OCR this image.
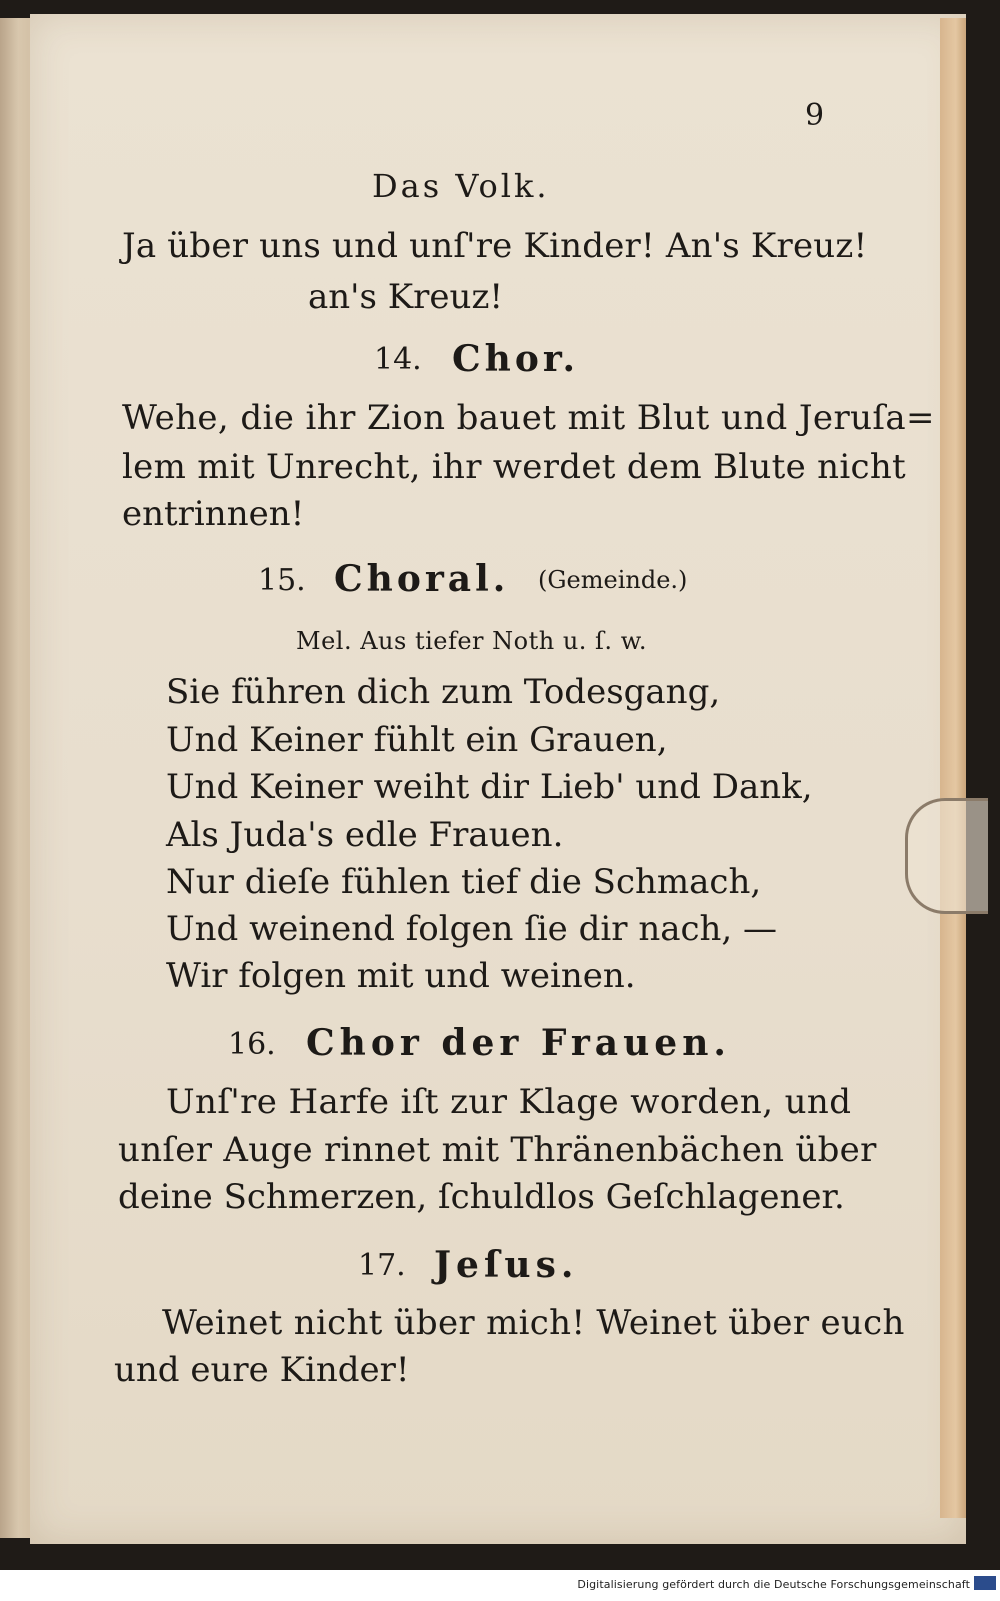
9
Das Volk.
Ja über uns und unſ're Kinder! An's Kreuz!
an's Kreuz!
14. Chor.
Wehe, die ihr Zion bauet mit Blut und Jeruſa=
lem mit Unrecht, ihr werdet dem Blute nicht
entrinnen!
15. Choral. (Gemeinde.)
Mel. Aus tiefer Noth u. ſ. w.
Sie führen dich zum Todesgang,
Und Keiner fühlt ein Grauen,
Und Keiner weiht dir Lieb' und Dank,
Als Juda's edle Frauen.
Nur dieſe fühlen tief die Schmach,
Und weinend folgen ſie dir nach, —
Wir folgen mit und weinen.
16. Chor der Frauen.
Unſ're Harfe iſt zur Klage worden, und
unſer Auge rinnet mit Thränenbächen über
deine Schmerzen, ſchuldlos Geſchlagener.
17. Jeſus.
Weinet nicht über mich! Weinet über euch
und eure Kinder!
Digitalisierung gefördert durch die Deutsche Forschungsgemeinschaft
